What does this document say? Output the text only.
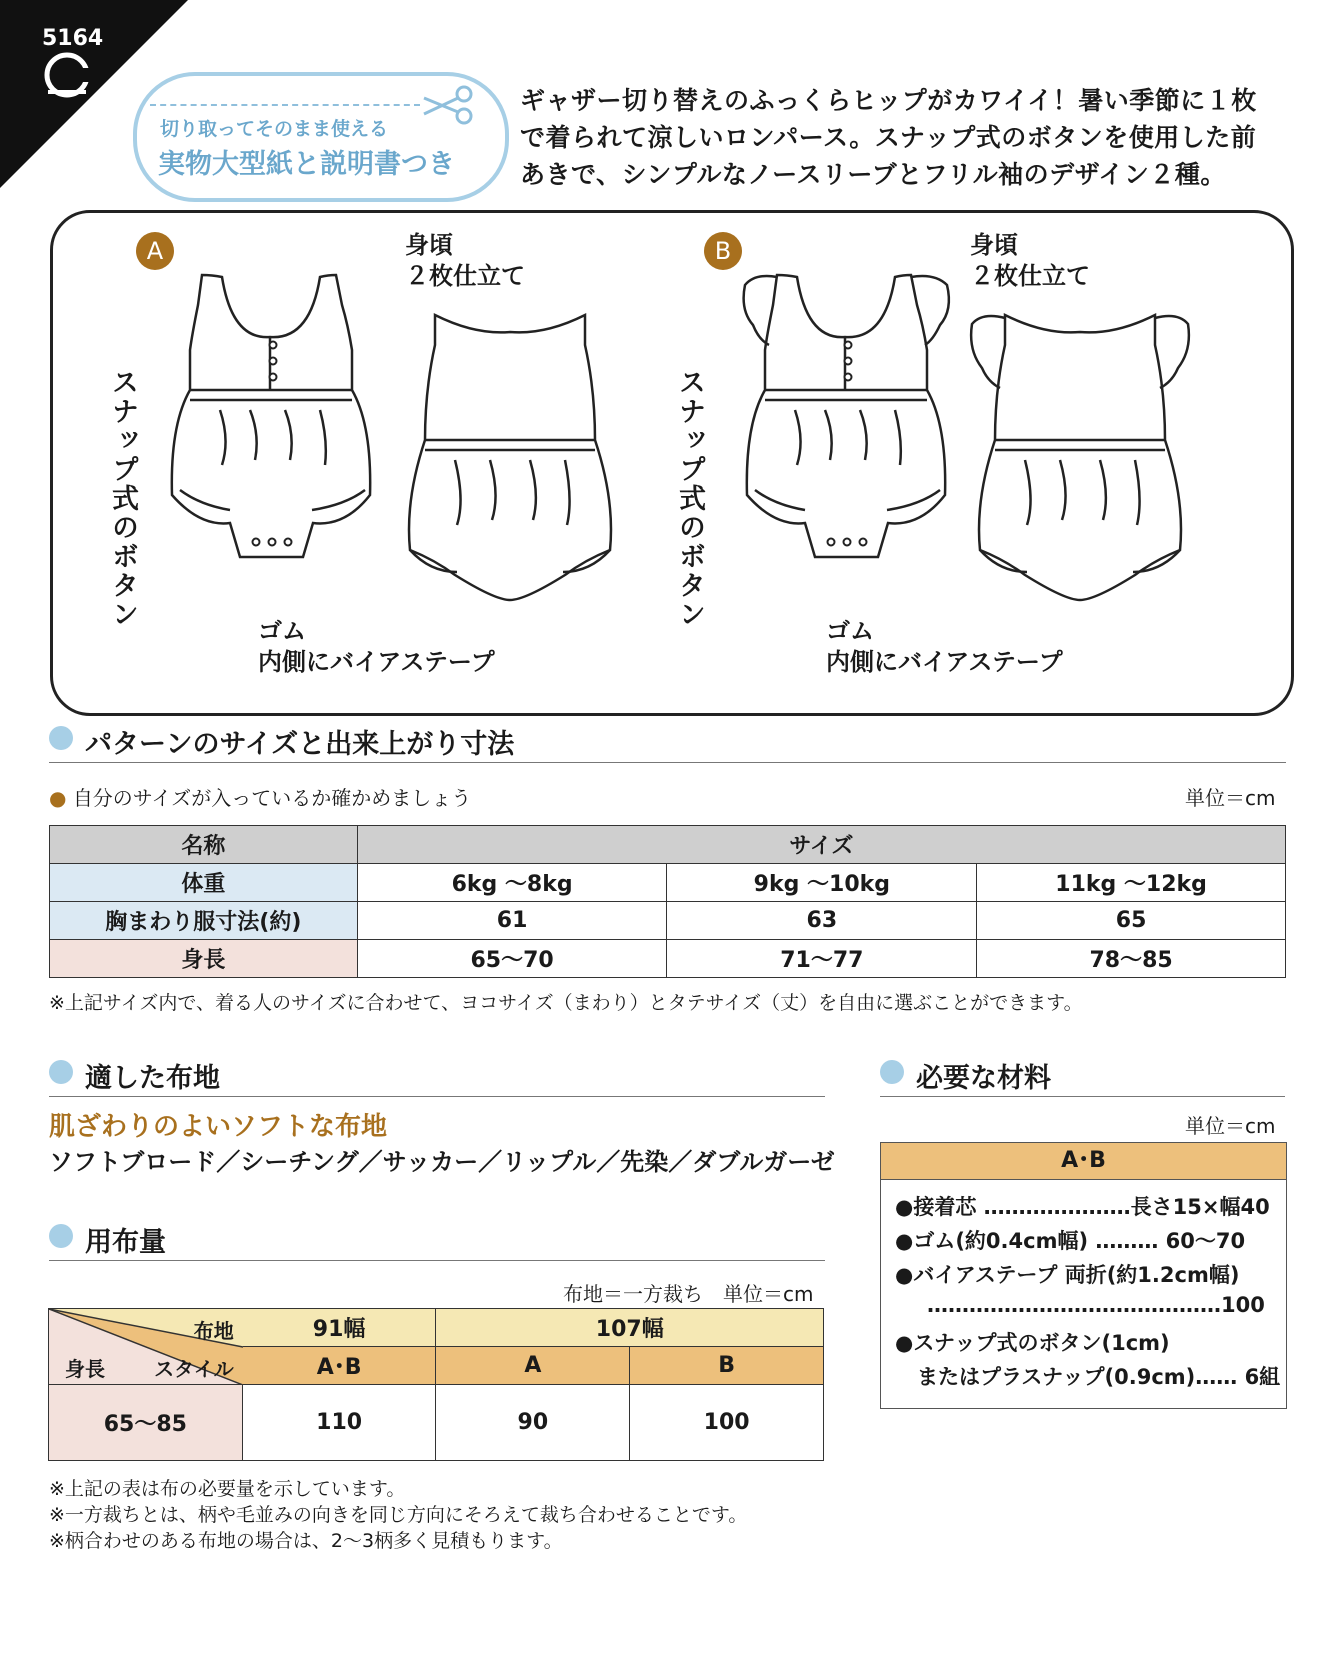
5164
切り取ってそのまま使える
実物大型紙と説明書つき
ギャザー切り替えのふっくらヒップがカワイイ！暑い季節に１枚
で着られて涼しいロンパース。スナップ式のボタンを使用した前
あきで、シンプルなノースリーブとフリル袖のデザイン２種。
A	身頃
２枚仕立て
スナップ式のボタン
ゴム
内側にバイアステープ
B	身頃
２枚仕立て
スナップ式のボタン
ゴム
内側にバイアステープ
パターンのサイズと出来上がり寸法
● 自分のサイズが入っているか確かめましょう	単位＝cm
名称	サイズ		
体重	6kg ～8kg	9kg ～10kg	11kg ～12kg
胸まわり服寸法(約)	61	63	65
身長	65～70	71～77	78～85
※上記サイズ内で、着る人のサイズに合わせて、ヨコサイズ（まわり）とタテサイズ（丈）を自由に選ぶことができます。
適した布地
肌ざわりのよいソフトな布地
ソフトブロード／シーチング／サッカー／リップル／先染／ダブルガーゼ
用布量
布地＝一方裁ち　単位＝cm
布地
スタイル
身長	91幅	107幅	
	A･B	A	B
65～85	110	90	100
※上記の表は布の必要量を示しています。
※一方裁ちとは、柄や毛並みの向きを同じ方向にそろえて裁ち合わせることです。
※柄合わせのある布地の場合は、2～3柄多く見積もります。
必要な材料
単位＝cm
A･B
●接着芯 …………………長さ15×幅40
●ゴム(約0.4cm幅) ……… 60～70
●バイアステープ 両折(約1.2cm幅)
……………………………………100
●スナップ式のボタン(1cm)
またはプラスナップ(0.9cm)…… 6組
